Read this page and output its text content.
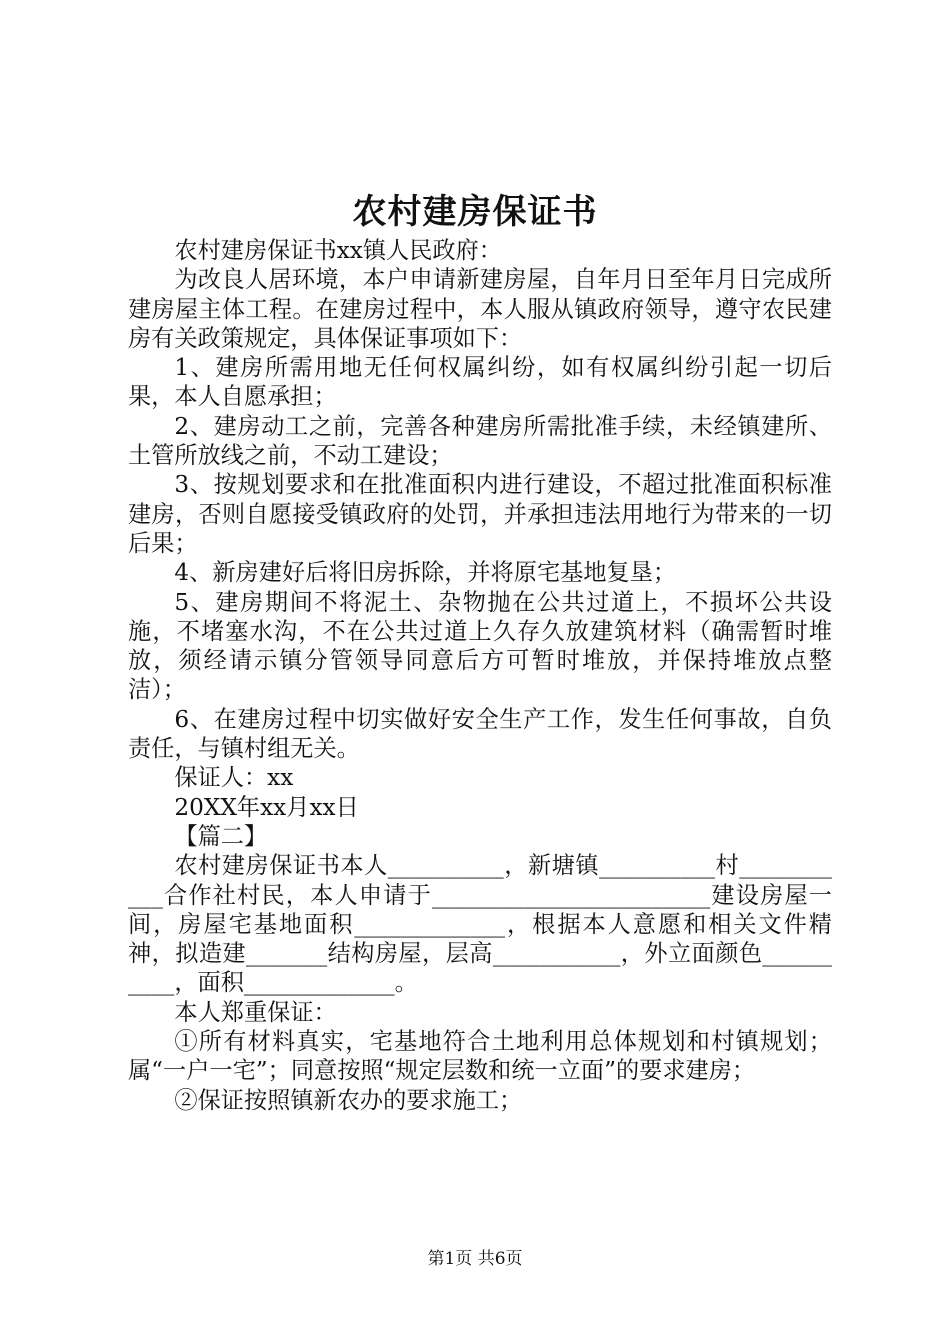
农村建房保证书

农村建房保证书xx镇人民政府：

为改良人居环境，本户申请新建房屋，自年月日至年月日完成所建房屋主体工程。在建房过程中，本人服从镇政府领导，遵守农民建房有关政策规定，具体保证事项如下：

1、建房所需用地无任何权属纠纷，如有权属纠纷引起一切后果，本人自愿承担；

2、建房动工之前，完善各种建房所需批准手续，未经镇建所、土管所放线之前，不动工建设；

3、按规划要求和在批准面积内进行建设，不超过批准面积标准建房，否则自愿接受镇政府的处罚，并承担违法用地行为带来的一切后果；

4、新房建好后将旧房拆除，并将原宅基地复垦；

5、建房期间不将泥土、杂物抛在公共过道上，不损坏公共设施，不堵塞水沟，不在公共过道上久存久放建筑材料（确需暂时堆放，须经请示镇分管领导同意后方可暂时堆放，并保持堆放点整洁）；

6、在建房过程中切实做好安全生产工作，发生任何事故，自负责任，与镇村组无关。

保证人：xx

20XX年xx月xx日

【篇二】

农村建房保证书本人__________，新塘镇__________村___________合作社村民，本人申请于________________________建设房屋一间，房屋宅基地面积_____________，根据本人意愿和相关文件精神，拟造建_______结构房屋，层高___________，外立面颜色__________，面积_____________。

本人郑重保证：

①所有材料真实，宅基地符合土地利用总体规划和村镇规划；属“一户一宅”；同意按照“规定层数和统一立面”的要求建房；

②保证按照镇新农办的要求施工；

第1页 共6页
